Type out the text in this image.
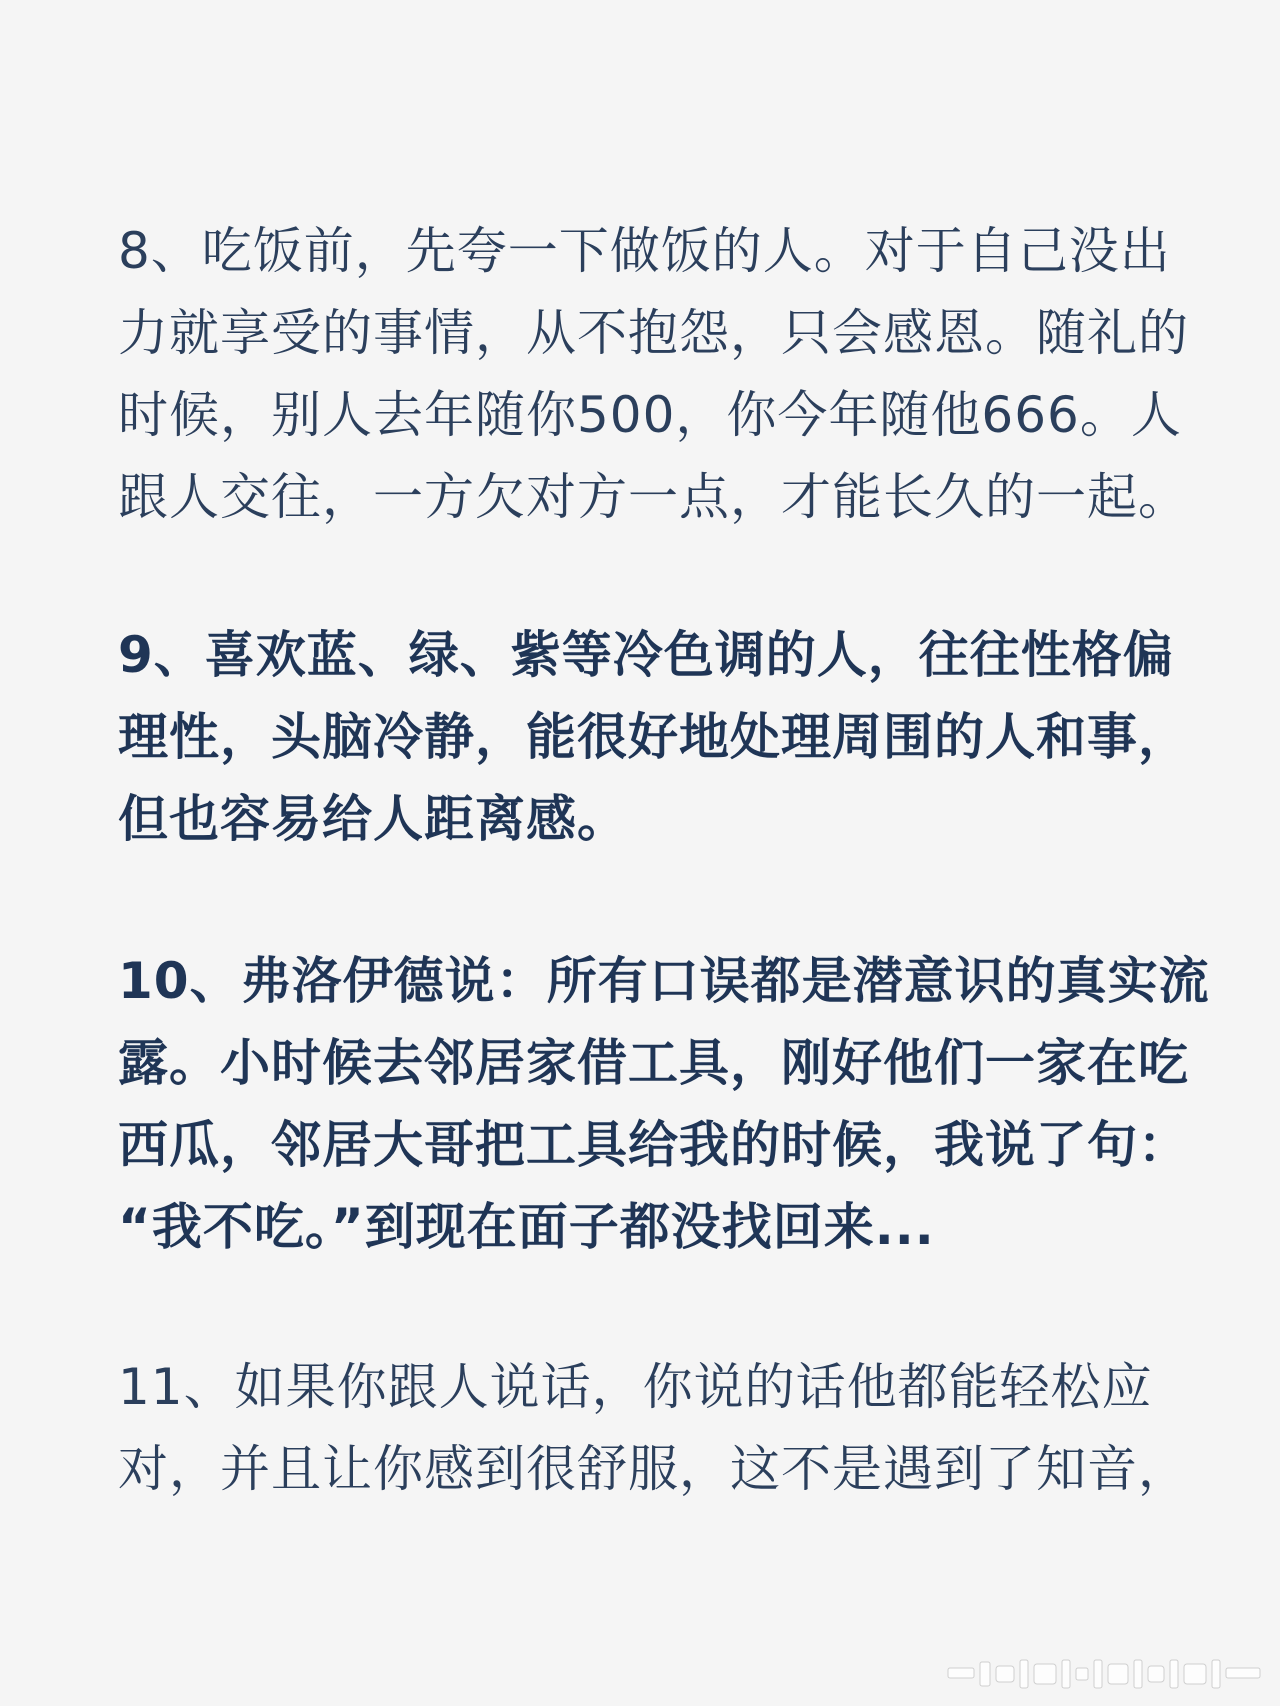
8、吃饭前，先夸一下做饭的人。对于自己没出
力就享受的事情，从不抱怨，只会感恩。随礼的
时候，别人去年随你500，你今年随他666。人
跟人交往，一方欠对方一点，才能长久的一起。

9、喜欢蓝、绿、紫等冷色调的人，往往性格偏
理性，头脑冷静，能很好地处理周围的人和事，
但也容易给人距离感。

10、弗洛伊德说：所有口误都是潜意识的真实流
露。小时候去邻居家借工具，刚好他们一家在吃
西瓜，邻居大哥把工具给我的时候，我说了句：
“我不吃。”到现在面子都没找回来...

11、如果你跟人说话，你说的话他都能轻松应
对，并且让你感到很舒服，这不是遇到了知音，
